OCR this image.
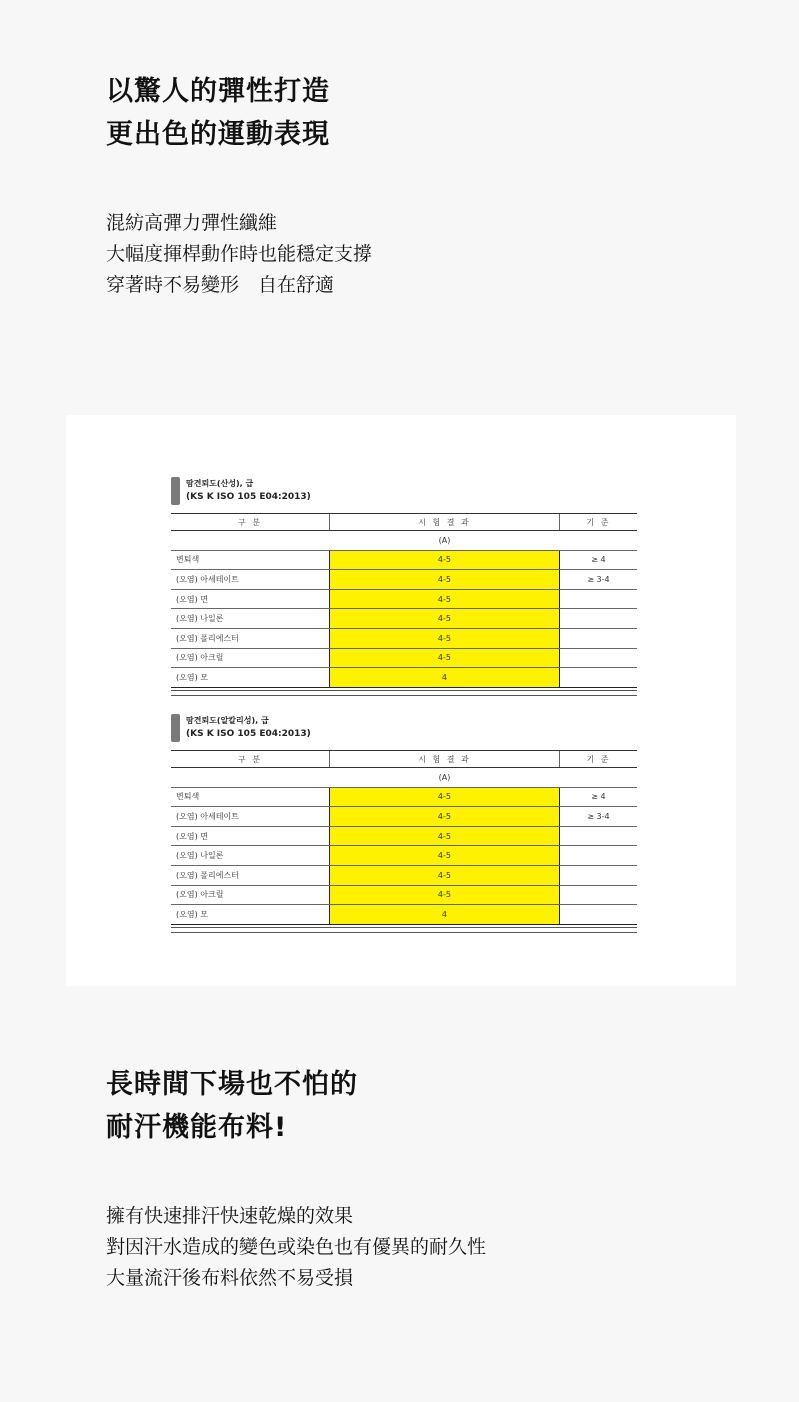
以驚人的彈性打造
更出色的運動表現
混紡高彈力彈性纖維
大幅度揮桿動作時也能穩定支撐
穿著時不易變形　自在舒適
땀견뢰도(산성), 급
(KS K ISO 105 E04:2013)
구 분	시 험 결 과	기 준
	(A)	
변퇴색	4-5	≥ 4
(오염) 아세테이트	4-5	≥ 3-4
(오염) 면	4-5	
(오염) 나일론	4-5	
(오염) 폴리에스터	4-5	
(오염) 아크릴	4-5	
(오염) 모	4	
땀견뢰도(알칼리성), 급
(KS K ISO 105 E04:2013)
구 분	시 험 결 과	기 준
	(A)	
변퇴색	4-5	≥ 4
(오염) 아세테이트	4-5	≥ 3-4
(오염) 면	4-5	
(오염) 나일론	4-5	
(오염) 폴리에스터	4-5	
(오염) 아크릴	4-5	
(오염) 모	4	
長時間下場也不怕的
耐汗機能布料!
擁有快速排汗快速乾燥的效果
對因汗水造成的變色或染色也有優異的耐久性
大量流汗後布料依然不易受損
